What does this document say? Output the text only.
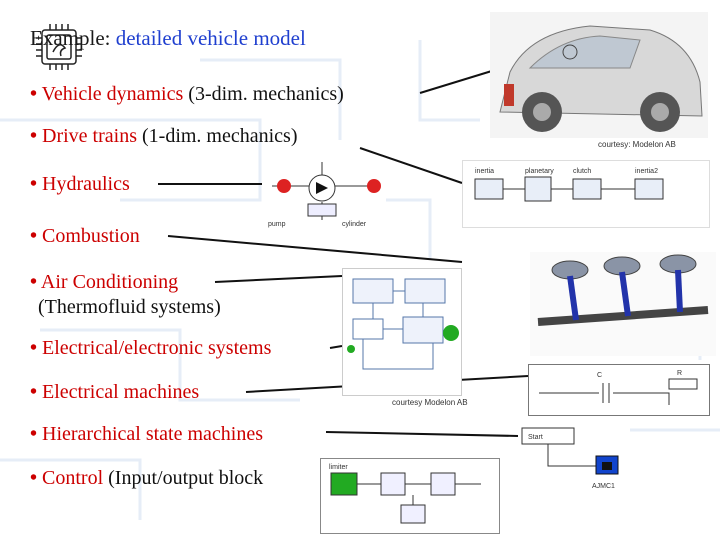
Example: detailed vehicle model
• Vehicle dynamics (3-dim. mechanics)
• Drive trains (1-dim. mechanics)
• Hydraulics
• Combustion
• Air Conditioning
(Thermofluid systems)
• Electrical/electronic systems
• Electrical machines
• Hierarchical state machines
• Control (Input/output block
courtesy: Modelon AB
inertia	planetary	clutch	inertia2
pump	cylinder
courtesy Modelon AB
C	R
Start
AJMC1
limiter
